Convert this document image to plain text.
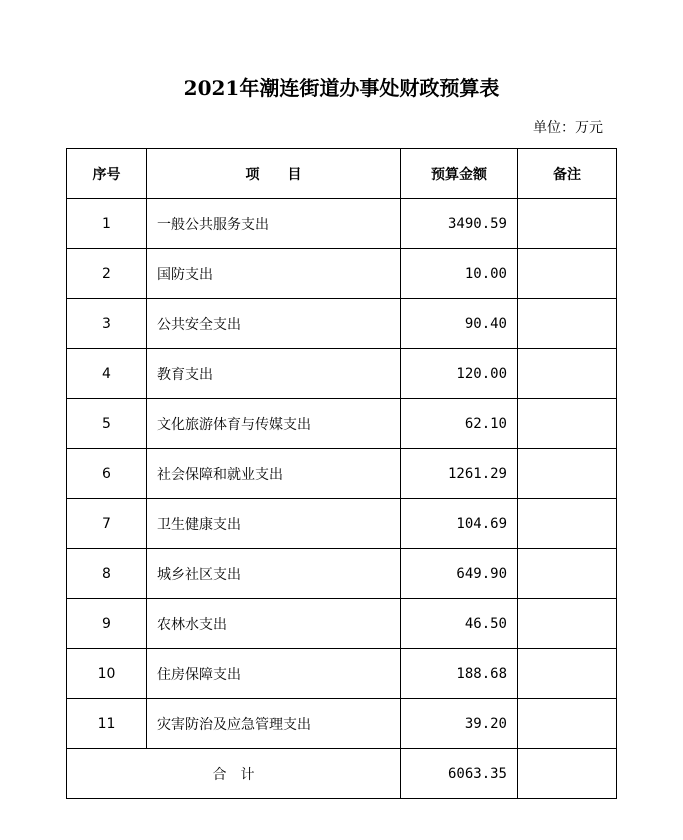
2021年潮连街道办事处财政预算表
单位：万元
序号	项　　目	预算金额	备注
1	一般公共服务支出	3490.59	
2	国防支出	10.00	
3	公共安全支出	90.40	
4	教育支出	120.00	
5	文化旅游体育与传媒支出	62.10	
6	社会保障和就业支出	1261.29	
7	卫生健康支出	104.69	
8	城乡社区支出	649.90	
9	农林水支出	46.50	
10	住房保障支出	188.68	
11	灾害防治及应急管理支出	39.20	
合　计		6063.35	
